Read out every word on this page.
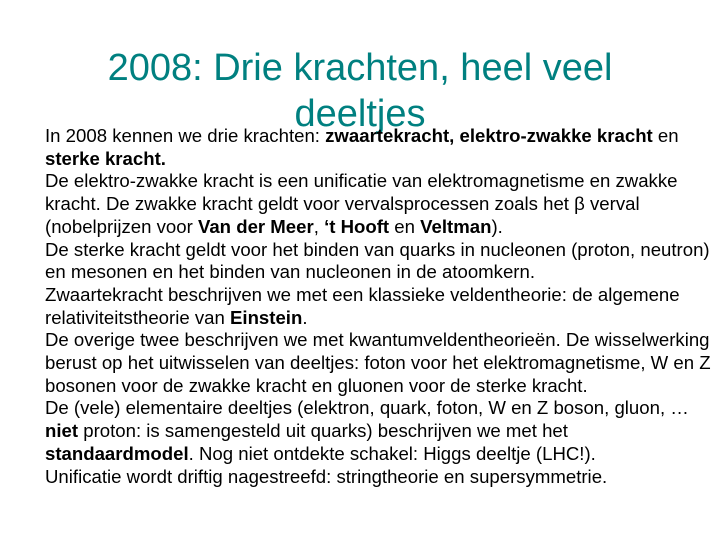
2008: Drie krachten, heel veel deeltjes

In 2008 kennen we drie krachten: zwaartekracht, elektro-zwakke kracht en sterke kracht.

De elektro-zwakke kracht is een unificatie van elektromagnetisme en zwakke kracht. De zwakke kracht geldt voor vervalsprocessen zoals het β verval (nobelprijzen voor Van der Meer, ‘t Hooft en Veltman).

De sterke kracht geldt voor het binden van quarks in nucleonen (proton, neutron) en mesonen en het binden van nucleonen in de atoomkern.

Zwaartekracht beschrijven we met een klassieke veldentheorie: de algemene relativiteitstheorie van Einstein.

De overige twee beschrijven we met kwantumveldentheorieën. De wisselwerking berust op het uitwisselen van deeltjes: foton voor het elektromagnetisme, W en Z bosonen voor de zwakke kracht en gluonen voor de sterke kracht.

De (vele) elementaire deeltjes (elektron, quark, foton, W en Z boson, gluon, …niet proton: is samengesteld uit quarks) beschrijven we met het standaardmodel. Nog niet ontdekte schakel: Higgs deeltje (LHC!).

Unificatie wordt driftig nagestreefd: stringtheorie en supersymmetrie.
